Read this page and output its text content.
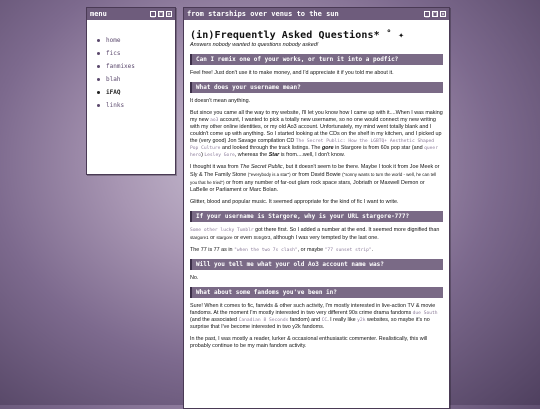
menu	_ □ ×
home
fics
fanmixes
blah
iFAQ
links
from starships over venus to the sun	_ □ ×
(in)Frequently Asked Questions* ˚ ✦
Answers nobody wanted to questions nobody asked!
Can I remix one of your works, or turn it into a podfic?

Feel free! Just don't use it to make money, and I'd appreciate it if you told me about it.

What does your username mean?

It doesn't mean anything.

But since you came all the way to my website, I'll let you know how I came up with it....When I was making my new ao3 account, I wanted to pick a totally new username, so no one would connect my new writing with my other online identities, or my old Ao3 account. Unfortunately, my mind went totally blank and I couldn't come up with anything. So I started looking at the CDs on the shelf in my kitchen, and I picked up the (very good) Jon Savage compilation CD The Secret Public: How the LGBTQ+ Aesthetic Shaped Pop Culture and looked through the track listings. The gore in Stargore is from 60s pop star (and queer hero) Lesley Gore, whereas the Star is from....well, I don't know.

I thought it was from The Secret Public, but it doesn't seem to be there. Maybe I took it from Joe Meek or Sly & The Family Stone ("everybody is a star") or from David Bowie ("sonny wants to turn the world - well, he can tell you that he tried") or from any number of far-out glam rock space stars, Jobriath or Maxwell Demon or LaBelle or Parliament or Marc Bolan.

Glitter, blood and popular music. It seemed appropriate for the kind of fic I want to write.

If your username is Stargore, why is your URL stargore-777?

Some other lucky Tumblr got there first. So I added a number at the end. It seemed more dignified than stargore1 or stargore or even St4rg0r3, although I was very tempted by the last one.

The 77 is 77 as in "when the two 7s clash", or maybe "77 sunset strip".

Will you tell me what your old Ao3 account name was?

No.

What about some fandoms you've been in?

Sure! When it comes to fic, fanvids & other such activity, I'm mostly interested in live-action TV & movie fandoms. At the moment I'm mostly interested in two very different 90s crime drama fandoms due South (and the associated Canadian 8 Seconds fandom) and CC. I really like y2k websites, so maybe it's no surprise that I've become interested in two y2k fandoms.

In the past, I was mostly a reader, lurker & occasional enthusiastic commenter. Realistically, this will probably continue to be my main fandom activity.
